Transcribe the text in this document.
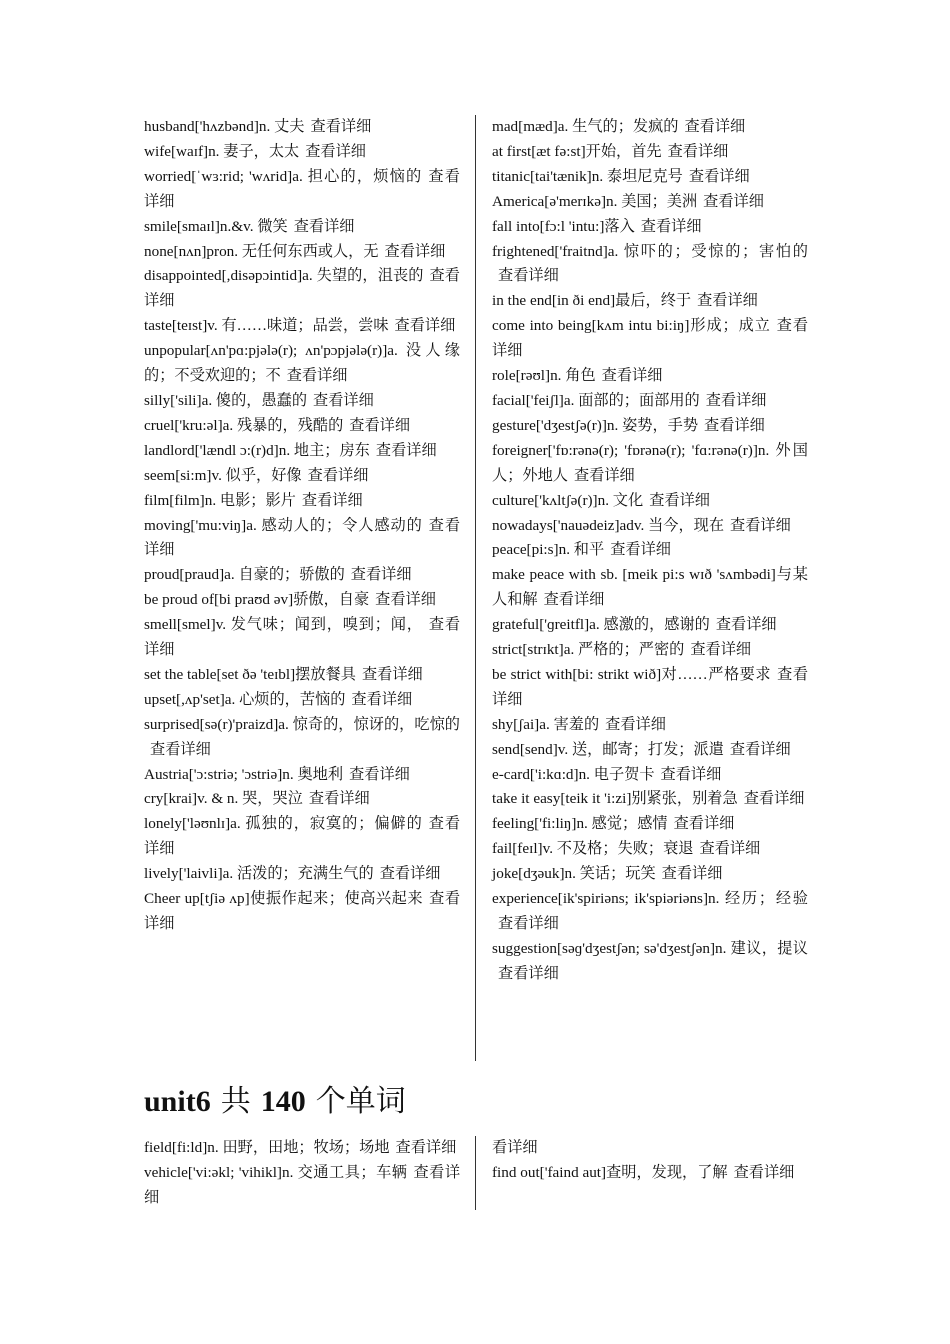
husband['hʌzbənd]n. 丈夫 查看详细

wife[waɪf]n. 妻子，太太 查看详细

worried[ˈwɜ:rid; 'wʌrid]a. 担心的，烦恼的 查看详细

smile[smaɪl]n.&v. 微笑 查看详细

none[nʌn]pron. 无任何东西或人，无 查看详细

disappointed[,disəpɔintid]a. 失望的，沮丧的 查看详细

taste[teɪst]v. 有……味道；品尝，尝味 查看详细

unpopular[ʌn'pɑ:pjələ(r); ʌn'pɔpjələ(r)]a. 没人缘的；不受欢迎的；不 查看详细

silly['sili]a. 傻的，愚蠢的 查看详细

cruel['kru:əl]a. 残暴的，残酷的 查看详细

landlord['lændl ɔ:(r)d]n. 地主；房东 查看详细

seem[si:m]v. 似乎，好像 查看详细

film[film]n. 电影；影片 查看详细

moving['mu:viŋ]a. 感动人的；令人感动的 查看详细

proud[praud]a. 自豪的；骄傲的 查看详细

be proud of[bi praʊd əv]骄傲，自豪 查看详细

smell[smel]v. 发气味；闻到，嗅到；闻， 查看详细

set the table[set ðə 'teɪbl]摆放餐具 查看详细

upset[,ʌp'set]a. 心烦的，苦恼的 查看详细

surprised[sə(r)'praizd]a. 惊奇的，惊讶的，吃惊的查看详细

Austria['ɔ:striə; 'ɔstriə]n. 奥地利 查看详细

cry[krai]v. & n. 哭，哭泣 查看详细

lonely['ləʊnlɪ]a. 孤独的，寂寞的；偏僻的 查看详细

lively['laivli]a. 活泼的；充满生气的 查看详细

Cheer up[tʃiə ʌp]使振作起来；使高兴起来 查看详细

mad[mæd]a. 生气的；发疯的 查看详细

at first[æt fə:st]开始，首先 查看详细

titanic[tai'tænik]n. 泰坦尼克号 查看详细

America[ə'merɪkə]n. 美国；美洲 查看详细

fall into[fɔ:l 'intu:]落入 查看详细

frightened['fraitnd]a. 惊吓的；受惊的；害怕的查看详细

in the end[in ði end]最后，终于 查看详细

come into being[kʌm intu bi:iŋ]形成；成立 查看详细

role[rəʊl]n. 角色 查看详细

facial['feiʃl]a. 面部的；面部用的 查看详细

gesture['dʒestʃə(r)]n. 姿势，手势 查看详细

foreigner['fɒ:rənə(r); 'fɒrənə(r); 'fɑ:rənə(r)]n. 外国人；外地人 查看详细

culture['kʌltʃə(r)]n. 文化 查看详细

nowadays['nauədeiz]adv. 当今，现在 查看详细

peace[pi:s]n. 和平 查看详细

make peace with sb. [meik pi:s wɪð 'sʌmbədi]与某人和解 查看详细

grateful['ɡreitfl]a. 感激的，感谢的 查看详细

strict[strɪkt]a. 严格的；严密的 查看详细

be strict with[bi: strikt wið]对……严格要求 查看详细

shy[ʃai]a. 害羞的 查看详细

send[send]v. 送，邮寄；打发；派遣 查看详细

e-card['i:kɑ:d]n. 电子贺卡 查看详细

take it easy[teik it 'i:zi]别紧张，别着急 查看详细

feeling['fi:liŋ]n. 感觉；感情 查看详细

fail[feɪl]v. 不及格；失败；衰退 查看详细

joke[dʒəuk]n. 笑话；玩笑 查看详细

experience[ik'spiriəns; ik'spiəriəns]n. 经历；经验查看详细

suggestion[səɡ'dʒestʃən; sə'dʒestʃən]n. 建议，提议查看详细

unit6 共 140 个单词

field[fi:ld]n. 田野，田地；牧场；场地 查看详细

vehicle['vi:əkl; 'vihikl]n. 交通工具；车辆 查看详细

看详细

find out['faind aut]查明，发现，了解 查看详细
